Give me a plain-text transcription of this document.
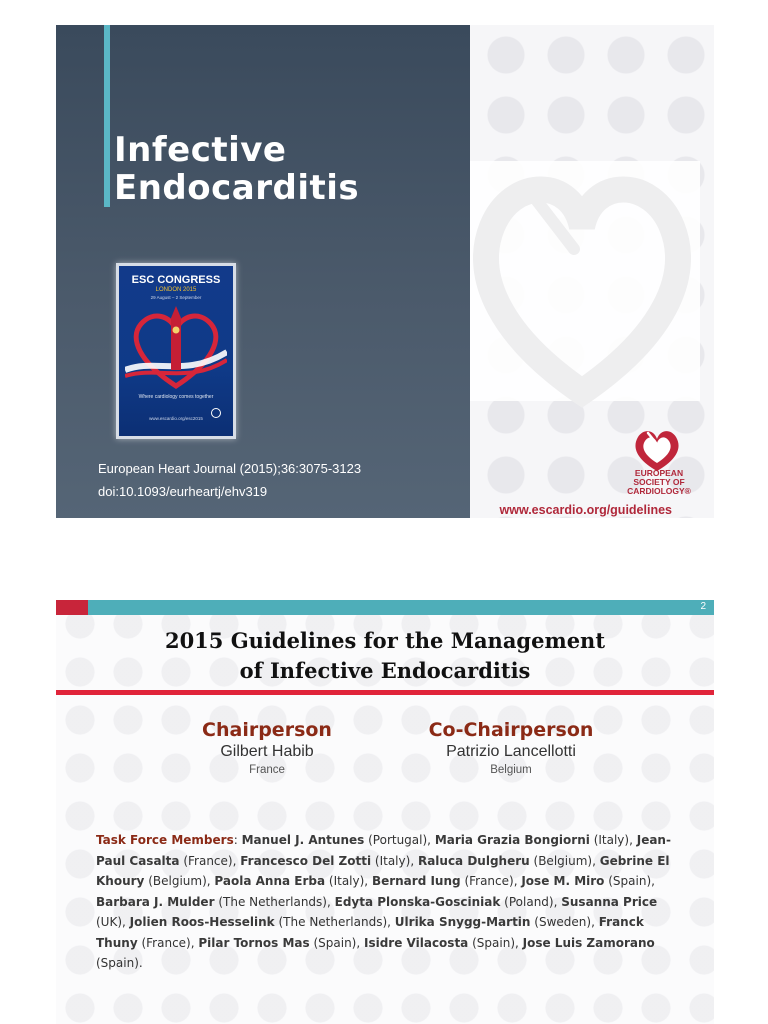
Infective
Endocarditis
ESC CONGRESS
LONDON 2015
29 August – 2 September
Where cardiology comes together
www.escardio.org/esc2015
European Heart Journal (2015);36:3075-3123
doi:10.1093/eurheartj/ehv319
EUROPEAN
SOCIETY OF
CARDIOLOGY®
www.escardio.org/guidelines
2
2015 Guidelines for the Management
of Infective Endocarditis
Chairperson
Gilbert Habib
France
Co-Chairperson
Patrizio Lancellotti
Belgium
Task Force Members: Manuel J. Antunes (Portugal), Maria Grazia Bongiorni (Italy), Jean-Paul Casalta (France), Francesco Del Zotti (Italy), Raluca Dulgheru (Belgium), Gebrine El Khoury (Belgium), Paola Anna Erba (Italy), Bernard Iung (France), Jose M. Miro (Spain), Barbara J. Mulder (The Netherlands), Edyta Plonska-Gosciniak (Poland), Susanna Price (UK), Jolien Roos-Hesselink (The Netherlands), Ulrika Snygg-Martin (Sweden), Franck Thuny (France), Pilar Tornos Mas (Spain), Isidre Vilacosta (Spain), Jose Luis Zamorano (Spain).
